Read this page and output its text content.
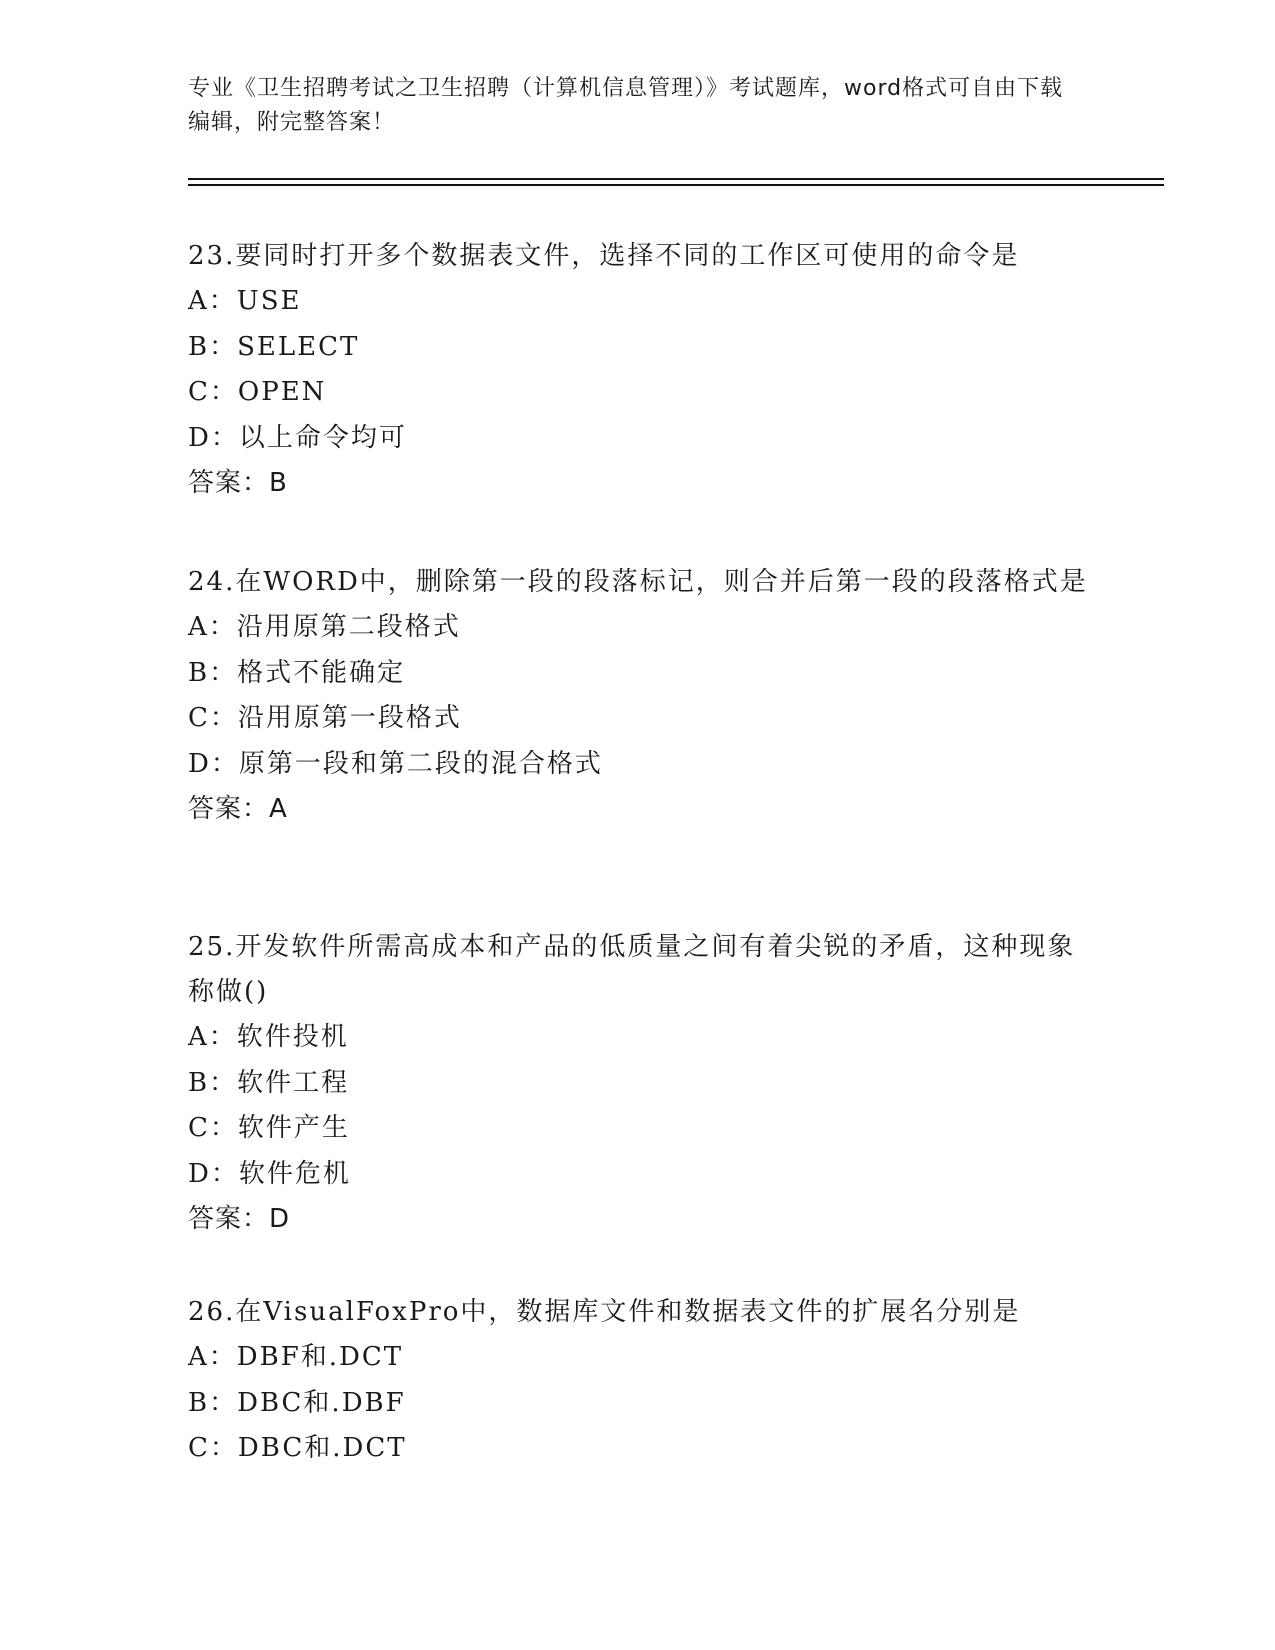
专业《卫生招聘考试之卫生招聘（计算机信息管理）》考试题库，word格式可自由下载编辑，附完整答案！
23.要同时打开多个数据表文件，选择不同的工作区可使用的命令是
A：USE
B：SELECT
C：OPEN
D：以上命令均可
答案：B
24.在WORD中，删除第一段的段落标记，则合并后第一段的段落格式是
A：沿用原第二段格式
B：格式不能确定
C：沿用原第一段格式
D：原第一段和第二段的混合格式
答案：A
25.开发软件所需高成本和产品的低质量之间有着尖锐的矛盾，这种现象称做()
A：软件投机
B：软件工程
C：软件产生
D：软件危机
答案：D
26.在VisualFoxPro中，数据库文件和数据表文件的扩展名分别是
A：DBF和.DCT
B：DBC和.DBF
C：DBC和.DCT
